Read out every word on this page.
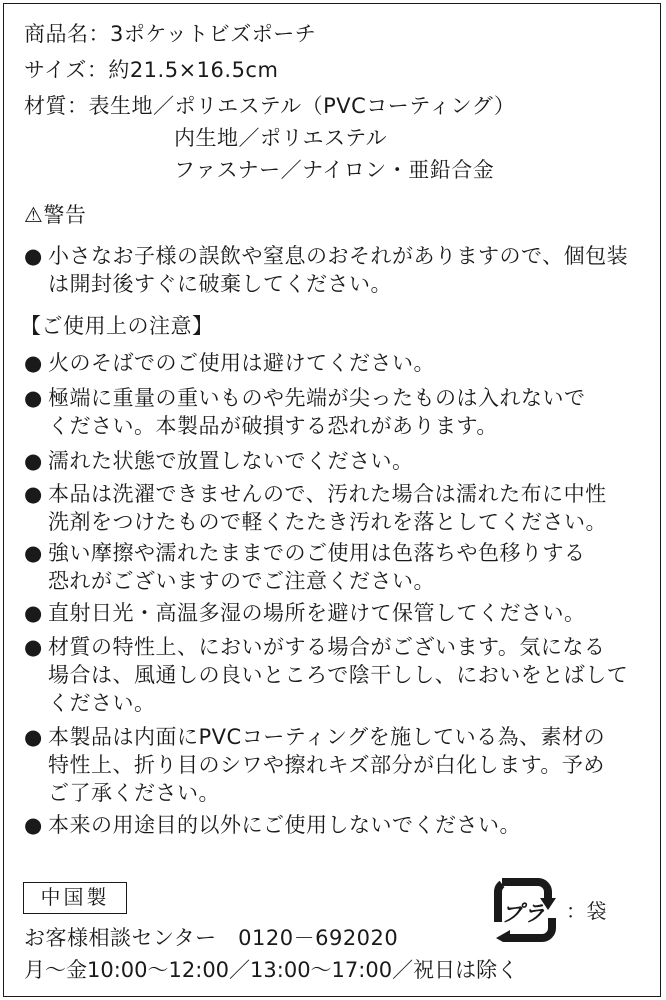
商品名：3ポケットビズポーチ
サイズ：約21.5×16.5cm
材質：表生地／ポリエステル（PVCコーティング）
内生地／ポリエステル
ファスナー／ナイロン・亜鉛合金
⚠警告
● 小さなお子様の誤飲や窒息のおそれがありますので、個包装
は開封後すぐに破棄してください。
【ご使用上の注意】
● 火のそばでのご使用は避けてください。
● 極端に重量の重いものや先端が尖ったものは入れないで
ください。本製品が破損する恐れがあります。
● 濡れた状態で放置しないでください。
● 本品は洗濯できませんので、汚れた場合は濡れた布に中性
洗剤をつけたもので軽くたたき汚れを落としてください。
● 強い摩擦や濡れたままでのご使用は色落ちや色移りする
恐れがございますのでご注意ください。
● 直射日光・高温多湿の場所を避けて保管してください。
● 材質の特性上、においがする場合がございます。気になる
場合は、風通しの良いところで陰干しし、においをとばして
ください。
● 本製品は内面にPVCコーティングを施している為、素材の
特性上、折り目のシワや擦れキズ部分が白化します。予め
ご了承ください。
● 本来の用途目的以外にご使用しないでください。
中国製
プラ ：袋
お客様相談センター　0120－692020
月〜金10:00〜12:00／13:00〜17:00／祝日は除く
